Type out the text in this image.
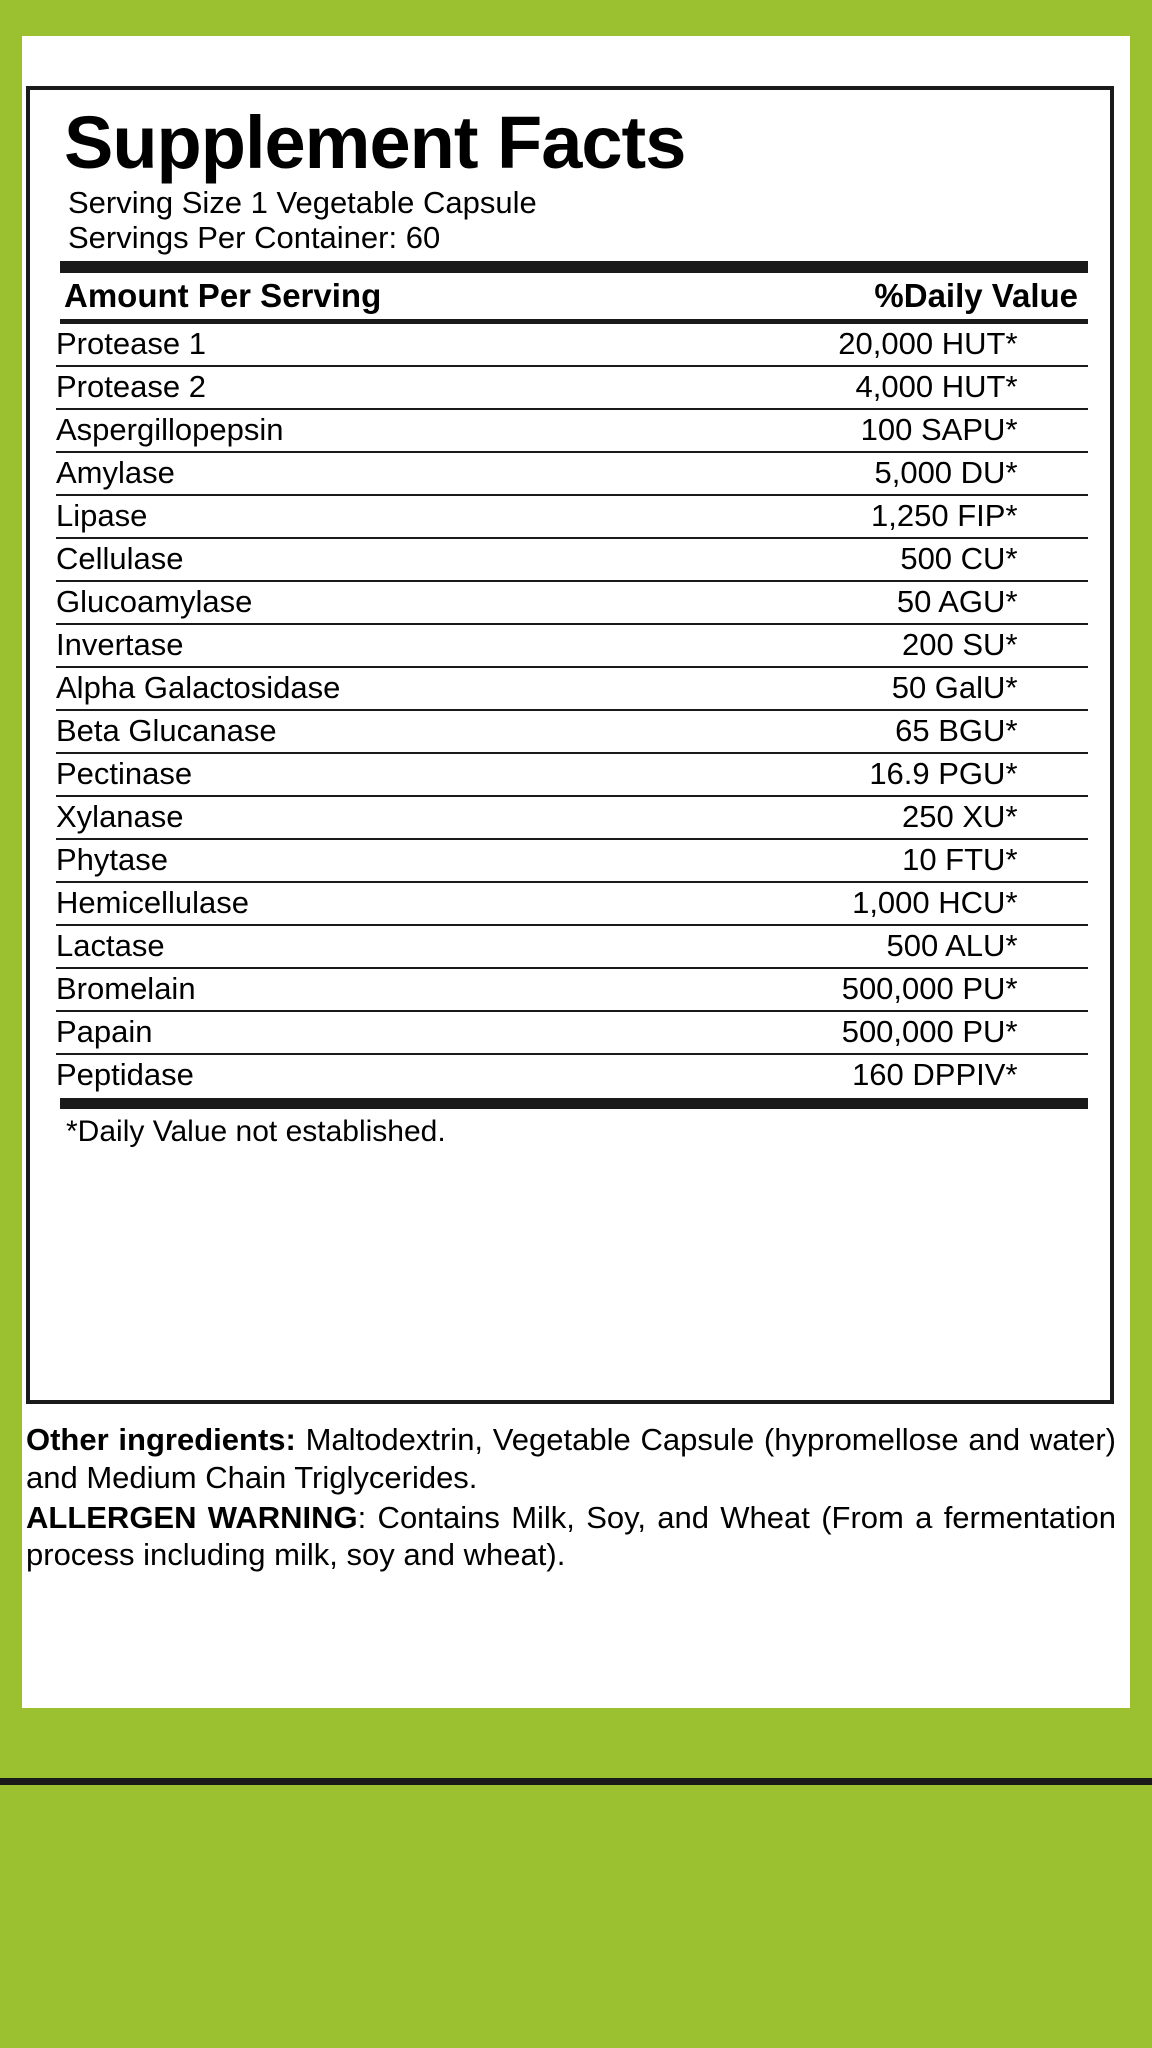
Supplement Facts
Serving Size 1 Vegetable Capsule
Servings Per Container: 60
Amount Per Serving	%Daily Value
Protease 1	20,000 HUT	*
Protease 2	4,000 HUT	*
Aspergillopepsin	100 SAPU	*
Amylase	5,000 DU	*
Lipase	1,250 FIP	*
Cellulase	500 CU	*
Glucoamylase	50 AGU	*
Invertase	200 SU	*
Alpha Galactosidase	50 GalU	*
Beta Glucanase	65 BGU	*
Pectinase	16.9 PGU	*
Xylanase	250 XU	*
Phytase	10 FTU	*
Hemicellulase	1,000 HCU	*
Lactase	500 ALU	*
Bromelain	500,000 PU	*
Papain	500,000 PU	*
Peptidase	160 DPPIV	*
*Daily Value not established.
Other ingredients: Maltodextrin, Vegetable Capsule (hypromellose and water) and Medium Chain Triglycerides.
ALLERGEN WARNING: Contains Milk, Soy, and Wheat (From a fermentation process including milk, soy and wheat).
